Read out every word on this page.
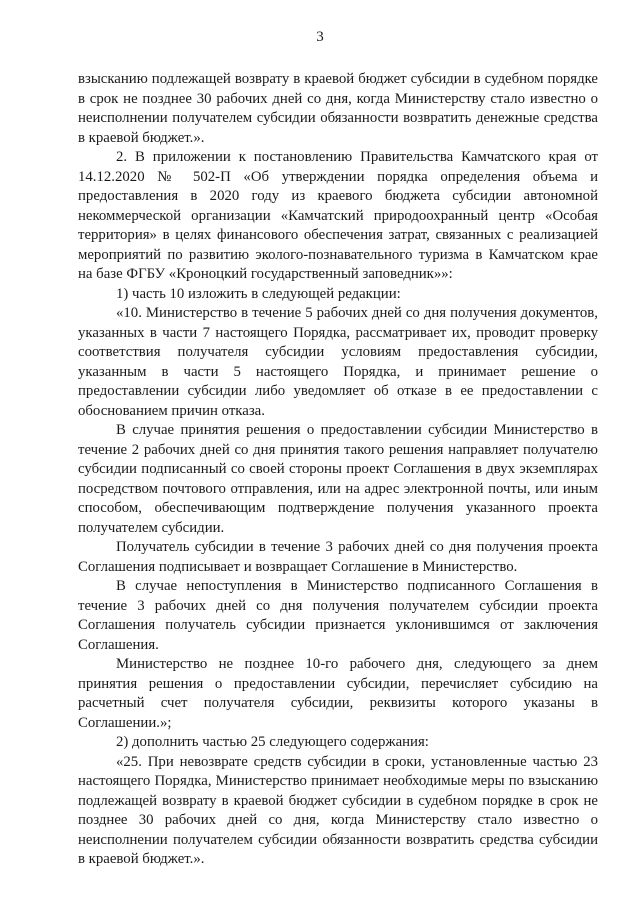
3

взысканию подлежащей возврату в краевой бюджет субсидии в судебном порядке в срок не позднее 30 рабочих дней со дня, когда Министерству стало известно о неисполнении получателем субсидии обязанности возвратить денежные средства в краевой бюджет.».

2. В приложении к постановлению Правительства Камчатского края от 14.12.2020 № 502-П «Об утверждении порядка определения объема и предоставления в 2020 году из краевого бюджета субсидии автономной некоммерческой организации «Камчатский природоохранный центр «Особая территория» в целях финансового обеспечения затрат, связанных с реализацией мероприятий по развитию эколого-познавательного туризма в Камчатском крае на базе ФГБУ «Кроноцкий государственный заповедник»»:

1) часть 10 изложить в следующей редакции:

«10. Министерство в течение 5 рабочих дней со дня получения документов, указанных в части 7 настоящего Порядка, рассматривает их, проводит проверку соответствия получателя субсидии условиям предоставления субсидии, указанным в части 5 настоящего Порядка, и принимает решение о предоставлении субсидии либо уведомляет об отказе в ее предоставлении с обоснованием причин отказа.

В случае принятия решения о предоставлении субсидии Министерство в течение 2 рабочих дней со дня принятия такого решения направляет получателю субсидии подписанный со своей стороны проект Соглашения в двух экземплярах посредством почтового отправления, или на адрес электронной почты, или иным способом, обеспечивающим подтверждение получения указанного проекта получателем субсидии.

Получатель субсидии в течение 3 рабочих дней со дня получения проекта Соглашения подписывает и возвращает Соглашение в Министерство.

В случае непоступления в Министерство подписанного Соглашения в течение 3 рабочих дней со дня получения получателем субсидии проекта Соглашения получатель субсидии признается уклонившимся от заключения Соглашения.

Министерство не позднее 10-го рабочего дня, следующего за днем принятия решения о предоставлении субсидии, перечисляет субсидию на расчетный счет получателя субсидии, реквизиты которого указаны в Соглашении.»;

2) дополнить частью 25 следующего содержания:

«25. При невозврате средств субсидии в сроки, установленные частью 23 настоящего Порядка, Министерство принимает необходимые меры по взысканию подлежащей возврату в краевой бюджет субсидии в судебном порядке в срок не позднее 30 рабочих дней со дня, когда Министерству стало известно о неисполнении получателем субсидии обязанности возвратить средства субсидии в краевой бюджет.».
